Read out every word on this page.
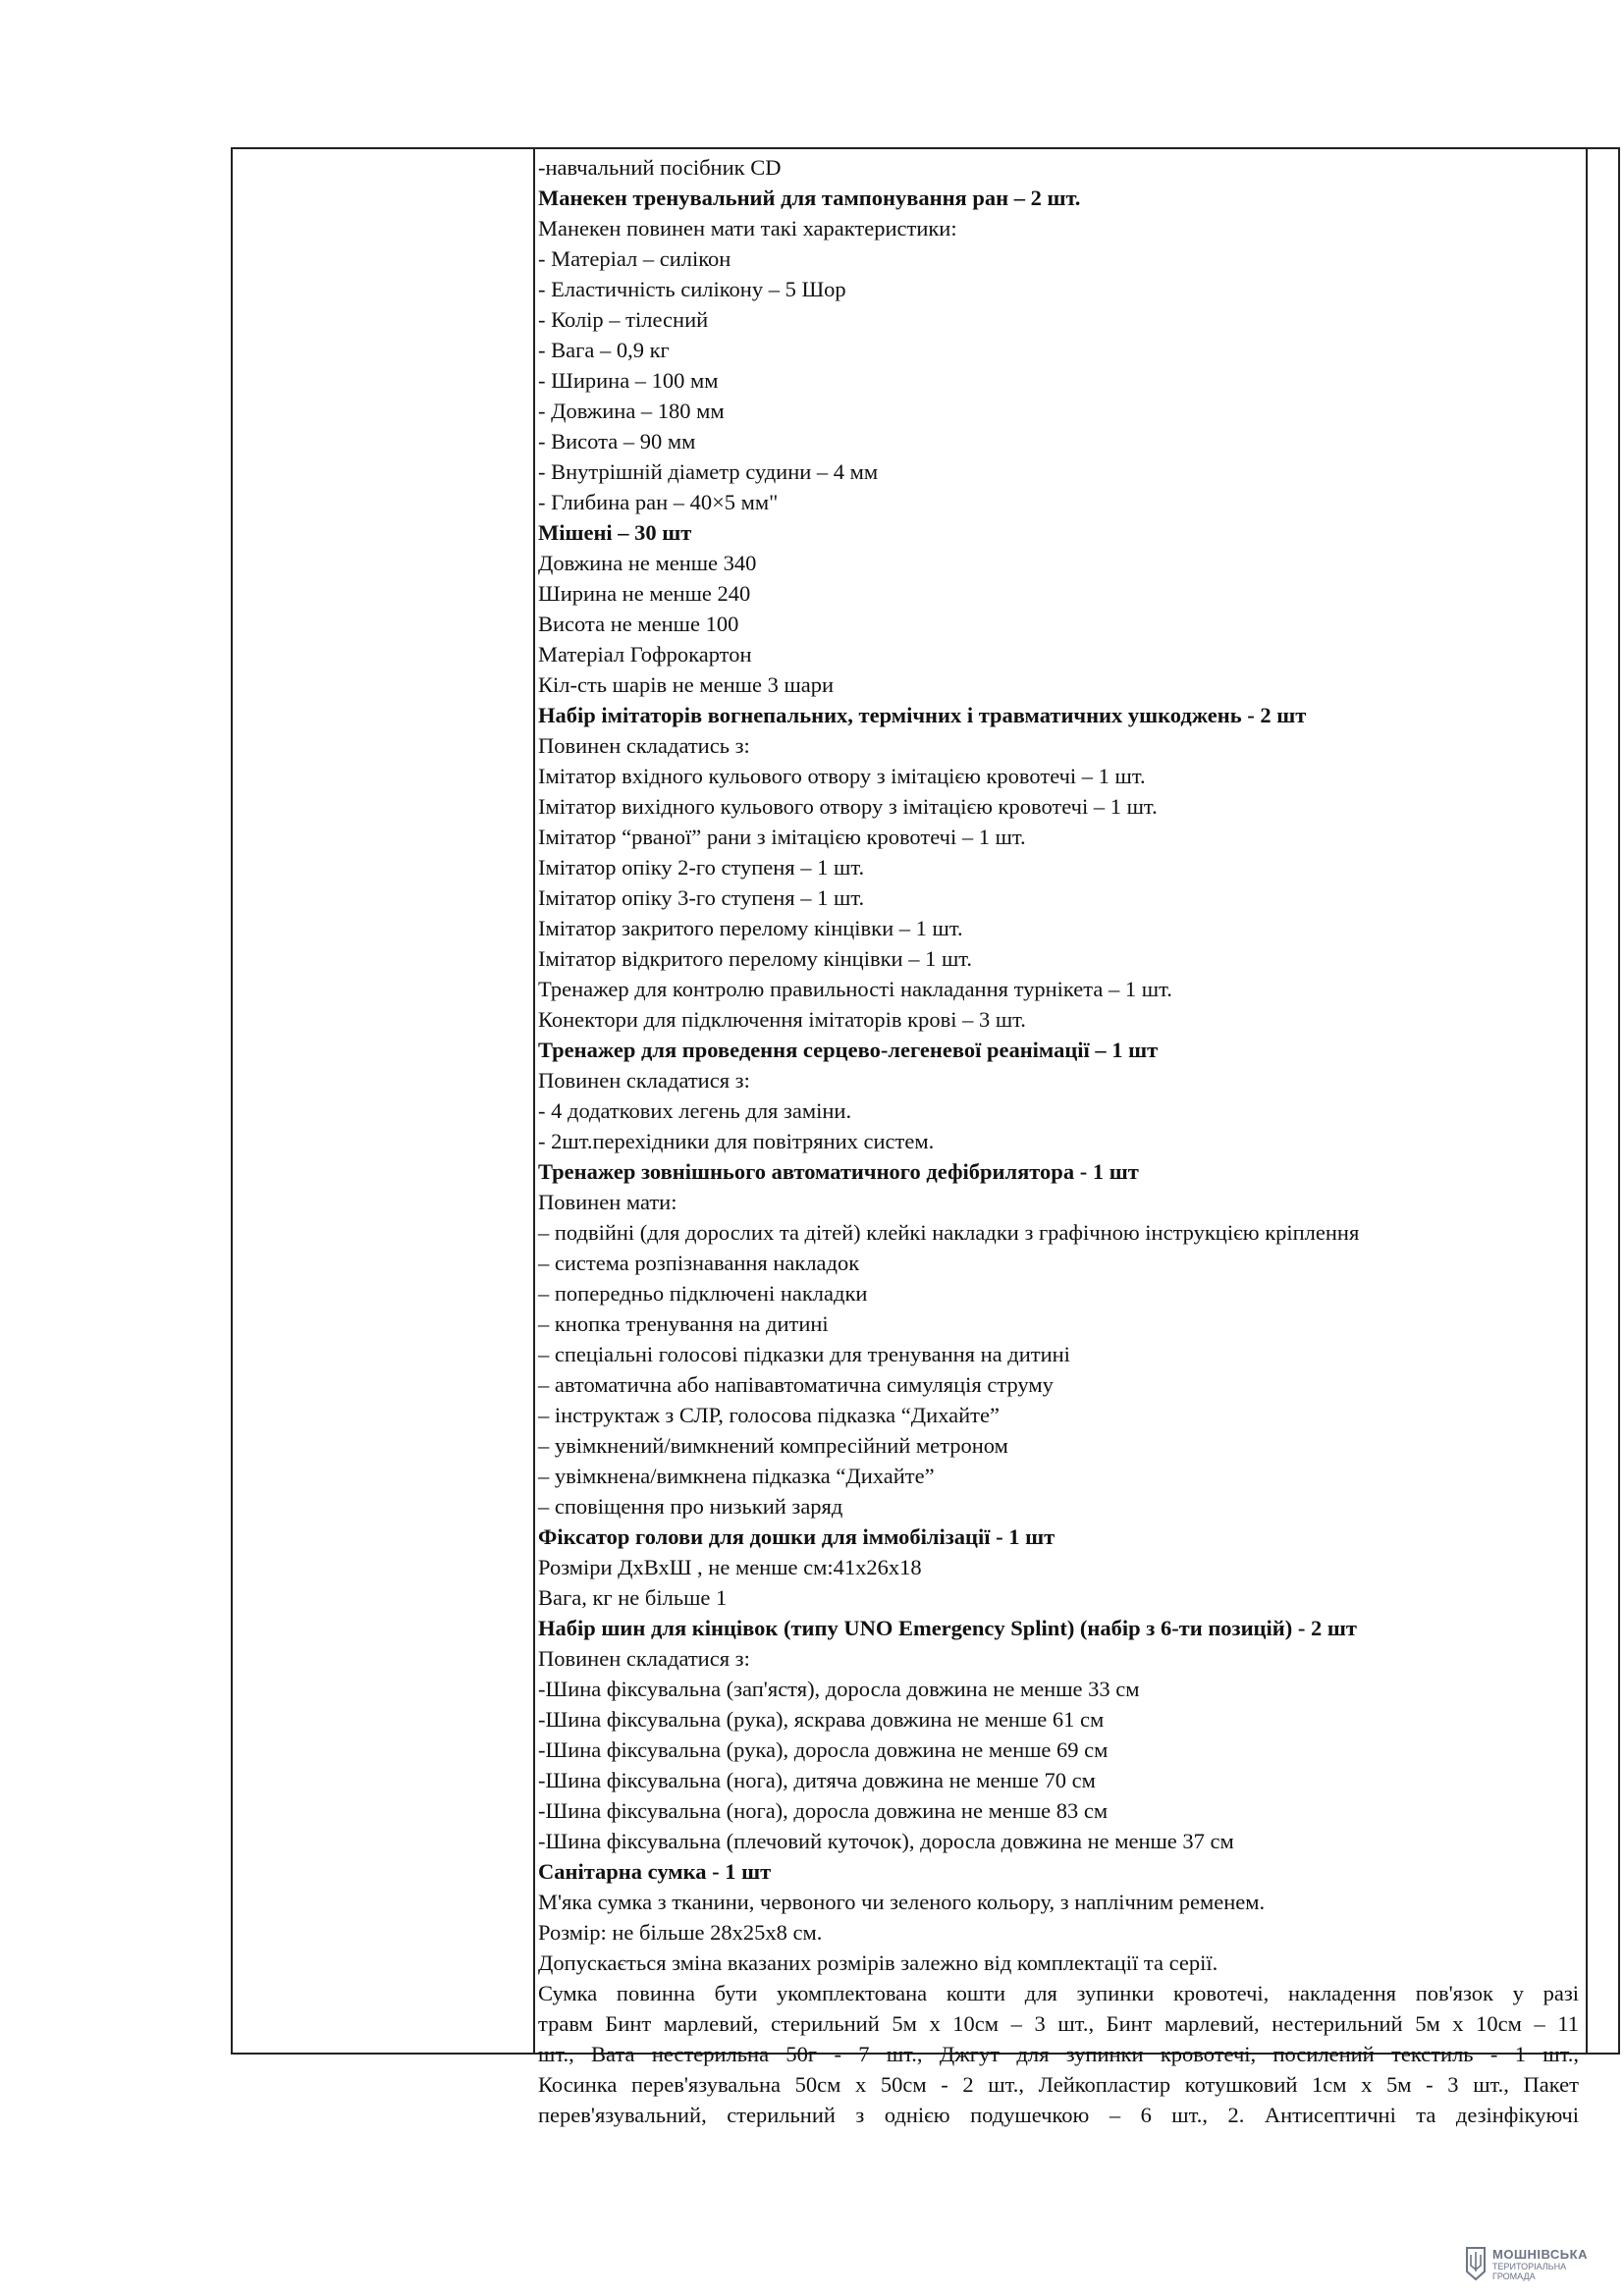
-навчальний посібник CD
Манекен тренувальний для тампонування ран – 2 шт.
Манекен повинен мати такі характеристики:
- Матеріал – силікон
- Еластичність силікону – 5 Шор
- Колір – тілесний
- Вага – 0,9 кг
- Ширина – 100 мм
- Довжина – 180 мм
- Висота – 90 мм
- Внутрішній діаметр судини – 4 мм
- Глибина ран – 40×5 мм"
Мішені – 30 шт
Довжина не менше 340
Ширина не менше 240
Висота не менше 100
Матеріал Гофрокартон
Кіл-сть шарів не менше 3 шари
Набір імітаторів вогнепальних, термічних і травматичних ушкоджень - 2 шт
Повинен складатись з:
Імітатор вхідного кульового отвору з імітацією кровотечі – 1 шт.
Імітатор вихідного кульового отвору з імітацією кровотечі – 1 шт.
Імітатор “рваної” рани з імітацією кровотечі – 1 шт.
Імітатор опіку 2-го ступеня – 1 шт.
Імітатор опіку 3-го ступеня – 1 шт.
Імітатор закритого перелому кінцівки – 1 шт.
Імітатор відкритого перелому кінцівки – 1 шт.
Тренажер для контролю правильності накладання турнікета – 1 шт.
Конектори для підключення імітаторів крові – 3 шт.
Тренажер для проведення серцево-легеневої реанімації – 1 шт
Повинен складатися з:
- 4 додаткових легень для заміни.
- 2шт.перехідники для повітряних систем.
Тренажер зовнішнього автоматичного дефібрилятора - 1 шт
Повинен мати:
– подвійні (для дорослих та дітей) клейкі накладки з графічною інструкцією кріплення
– система розпізнавання накладок
– попередньо підключені накладки
– кнопка тренування на дитині
– спеціальні голосові підказки для тренування на дитині
– автоматична або напівавтоматична симуляція струму
– інструктаж з СЛР, голосова підказка “Дихайте”
– увімкнений/вимкнений компресійний метроном
– увімкнена/вимкнена підказка “Дихайте”
– сповіщення про низький заряд
Фіксатор голови для дошки для іммобілізації - 1 шт
Розміри ДхВхШ , не менше см:41х26х18
Вага, кг не більше 1
Набір шин для кінцівок (типу UNO Emergency Splint) (набір з 6-ти позицій) - 2 шт
Повинен складатися з:
-Шина фіксувальна (зап'ястя), доросла довжина не менше 33 см
-Шина фіксувальна (рука), яскрава довжина не менше 61 см
-Шина фіксувальна (рука), доросла довжина не менше 69 см
-Шина фіксувальна (нога), дитяча довжина не менше 70 см
-Шина фіксувальна (нога), доросла довжина не менше 83 см
-Шина фіксувальна (плечовий куточок), доросла довжина не менше 37 см
Санітарна сумка - 1 шт
М'яка сумка з тканини, червоного чи зеленого кольору, з наплічним ременем.
Розмір: не більше 28х25х8 см.
Допускається зміна вказаних розмірів залежно від комплектації та серії.
Сумка повинна бути укомплектована кошти для зупинки кровотечі, накладення пов'язок у разі
травм Бинт марлевий, стерильний 5м х 10см – 3 шт., Бинт марлевий, нестерильний 5м х 10см – 11
шт., Вата нестерильна 50г - 7 шт., Джгут для зупинки кровотечі, посилений текстиль - 1 шт.,
Косинка перев'язувальна 50см х 50см - 2 шт., Лейкопластир котушковий 1см х 5м - 3 шт., Пакет
перев'язувальний, стерильний з однією подушечкою – 6 шт., 2. Антисептичні та дезінфікуючі
МОШНІВСЬКА
ТЕРИТОРІАЛЬНА
ГРОМАДА
